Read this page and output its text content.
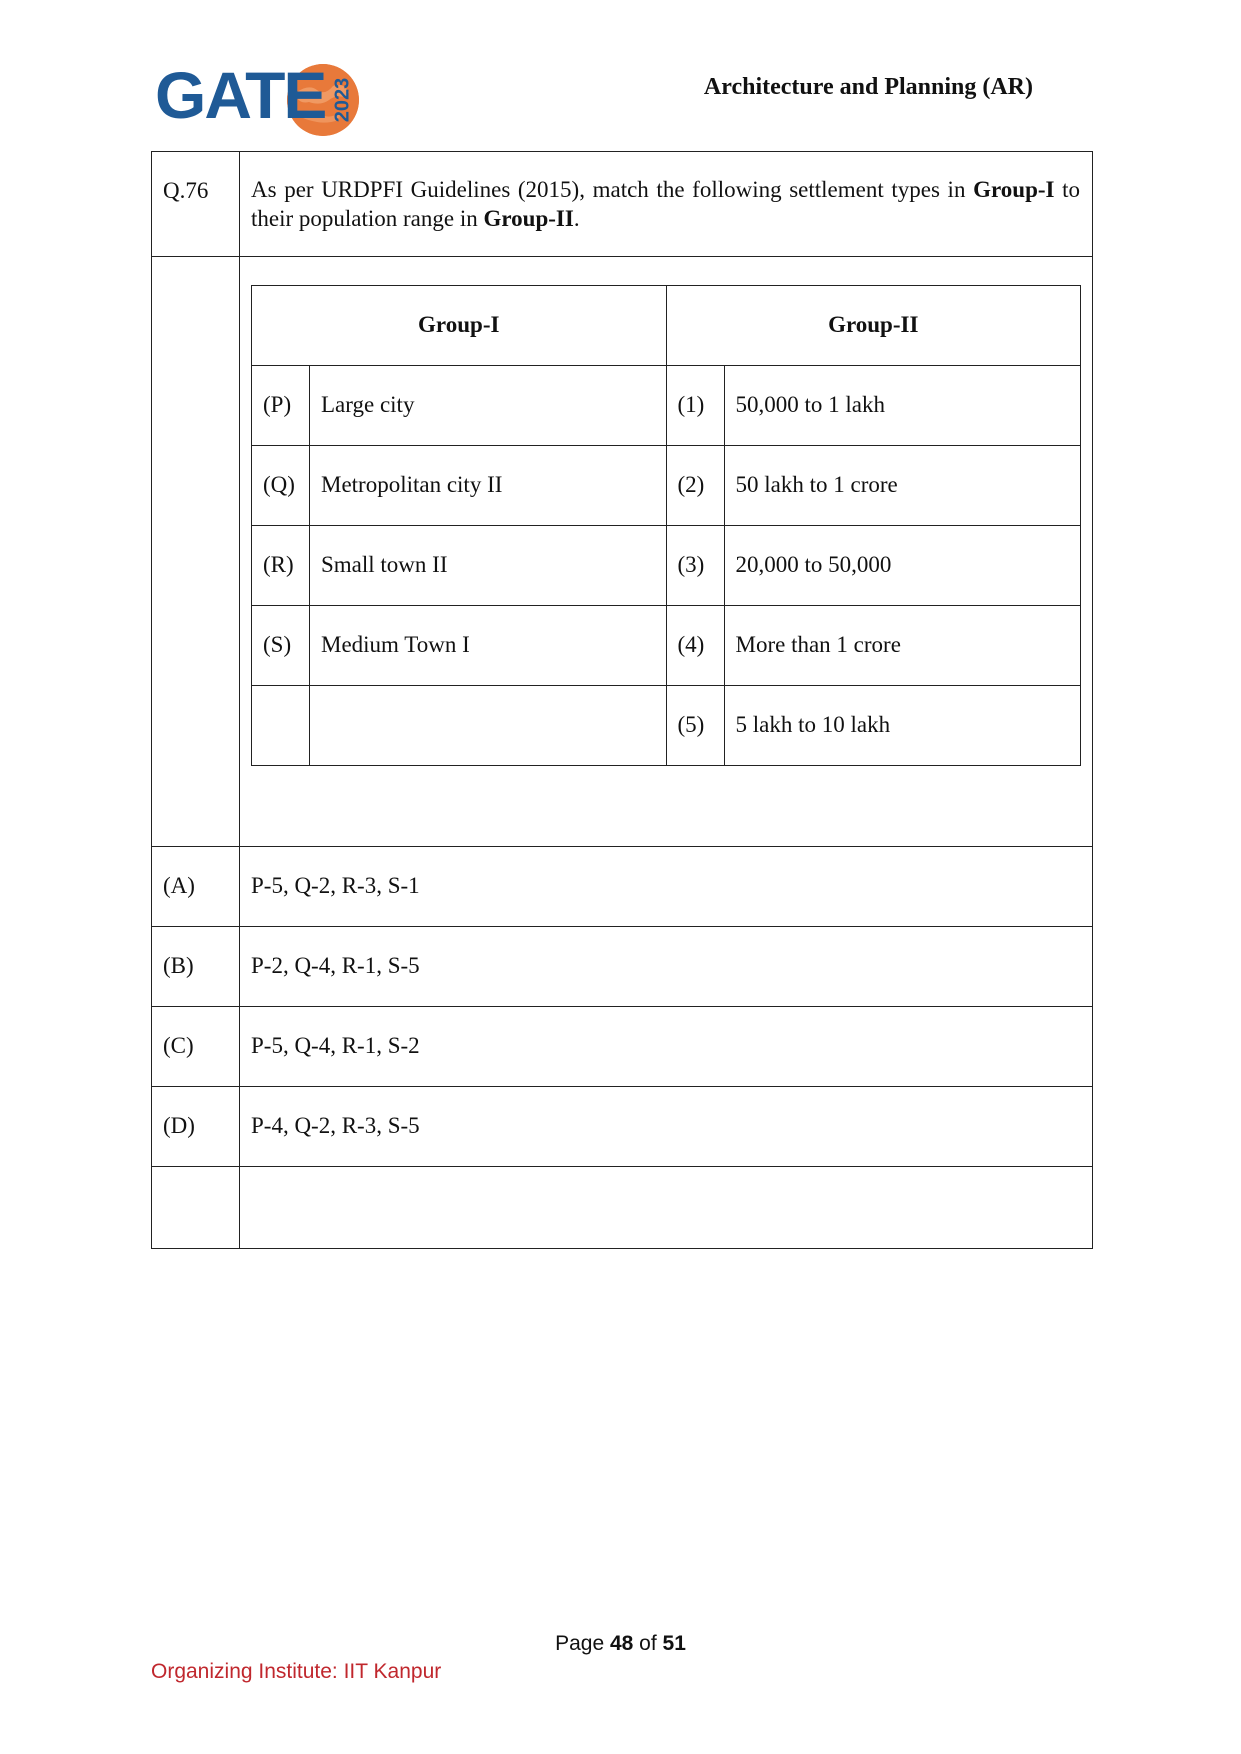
GATE 2023	Architecture and Planning (AR)
Q.76	As per URDPFI Guidelines (2015), match the following settlement types in Group-I to their population range in Group-II.

Group-I	Group-II
(P)	Large city	(1)	50,000 to 1 lakh
(Q)	Metropolitan city II	(2)	50 lakh to 1 crore
(R)	Small town II	(3)	20,000 to 50,000
(S)	Medium Town I	(4)	More than 1 crore
		(5)	5 lakh to 10 lakh

(A)	P-5, Q-2, R-3, S-1
(B)	P-2, Q-4, R-1, S-5
(C)	P-5, Q-4, R-1, S-2
(D)	P-4, Q-2, R-3, S-5

Page 48 of 51
Organizing Institute: IIT Kanpur
